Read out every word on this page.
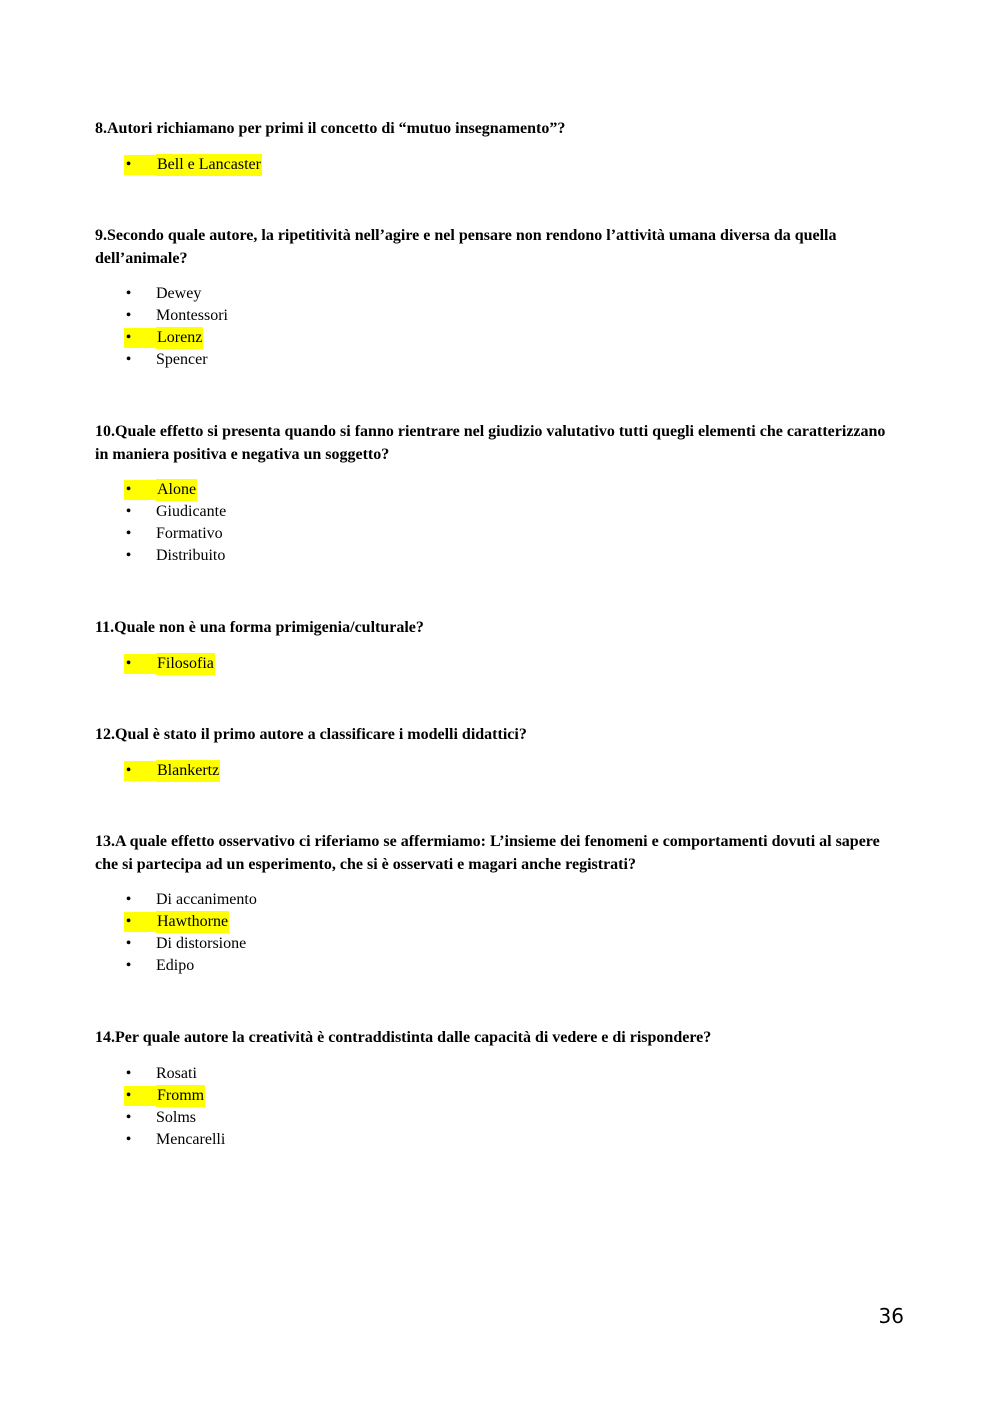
8.Autori richiamano per primi il concetto di “mutuo insegnamento”?
• Bell e Lancaster
9.Secondo quale autore, la ripetitività nell’agire e nel pensare non rendono l’attività umana diversa da quella dell’animale?
• Dewey
• Montessori
• Lorenz
• Spencer
10.Quale effetto si presenta quando si fanno rientrare nel giudizio valutativo tutti quegli elementi che caratterizzano in maniera positiva e negativa un soggetto?
• Alone
• Giudicante
• Formativo
• Distribuito
11.Quale non è una forma primigenia/culturale?
• Filosofia
12.Qual è stato il primo autore a classificare i modelli didattici?
• Blankertz
13.A quale effetto osservativo ci riferiamo se affermiamo: L’insieme dei fenomeni e comportamenti dovuti al sapere che si partecipa ad un esperimento, che si è osservati e magari anche registrati?
• Di accanimento
• Hawthorne
• Di distorsione
• Edipo
14.Per quale autore la creatività è contraddistinta dalle capacità di vedere e di rispondere?
• Rosati
• Fromm
• Solms
• Mencarelli
36
